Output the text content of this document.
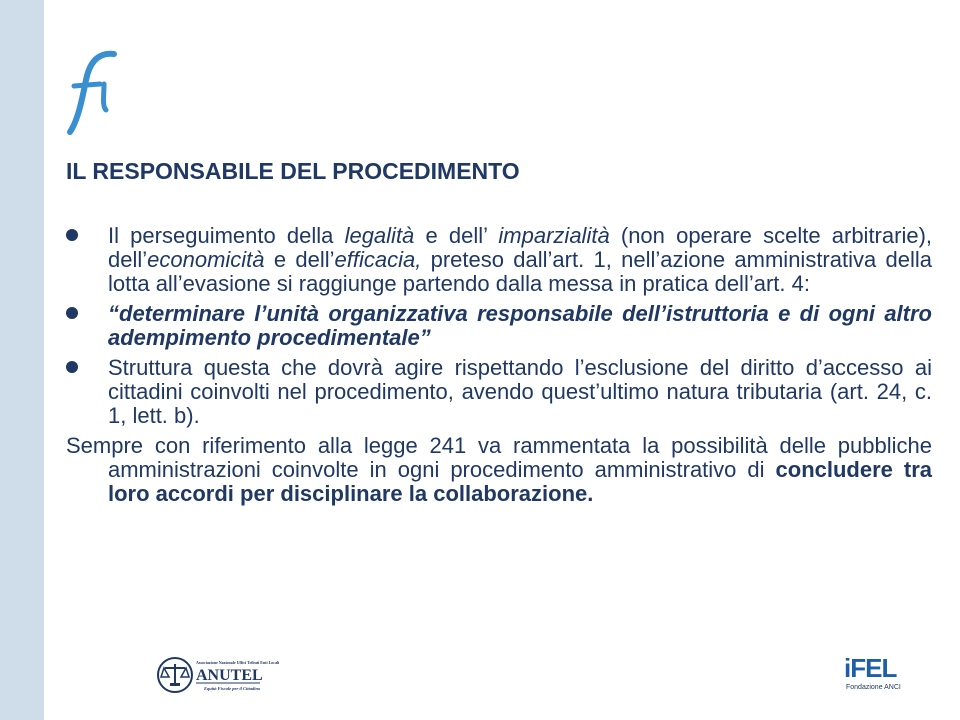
IL RESPONSABILE DEL PROCEDIMENTO

Il perseguimento della legalità e dell’ imparzialità (non operare scelte arbitrarie), dell’economicità e dell’efficacia, preteso dall’art. 1, nell’azione amministrativa della lotta all’evasione si raggiunge partendo dalla messa in pratica dell’art. 4:

“determinare l’unità organizzativa responsabile dell’istruttoria e di ogni altro adempimento procedimentale”

Struttura questa che dovrà agire rispettando l’esclusione del diritto d’accesso ai cittadini coinvolti nel procedimento, avendo quest’ultimo natura tributaria (art. 24, c. 1, lett. b).

Sempre con riferimento alla legge 241 va rammentata la possibilità delle pubbliche amministrazioni coinvolte in ogni procedimento amministrativo di concludere tra loro accordi per disciplinare la collaborazione.

Associazione Nazionale Uffici Tributi Enti Locali
ANUTEL
Equità Fiscale per il Cittadino
iFEL
Fondazione ANCI
